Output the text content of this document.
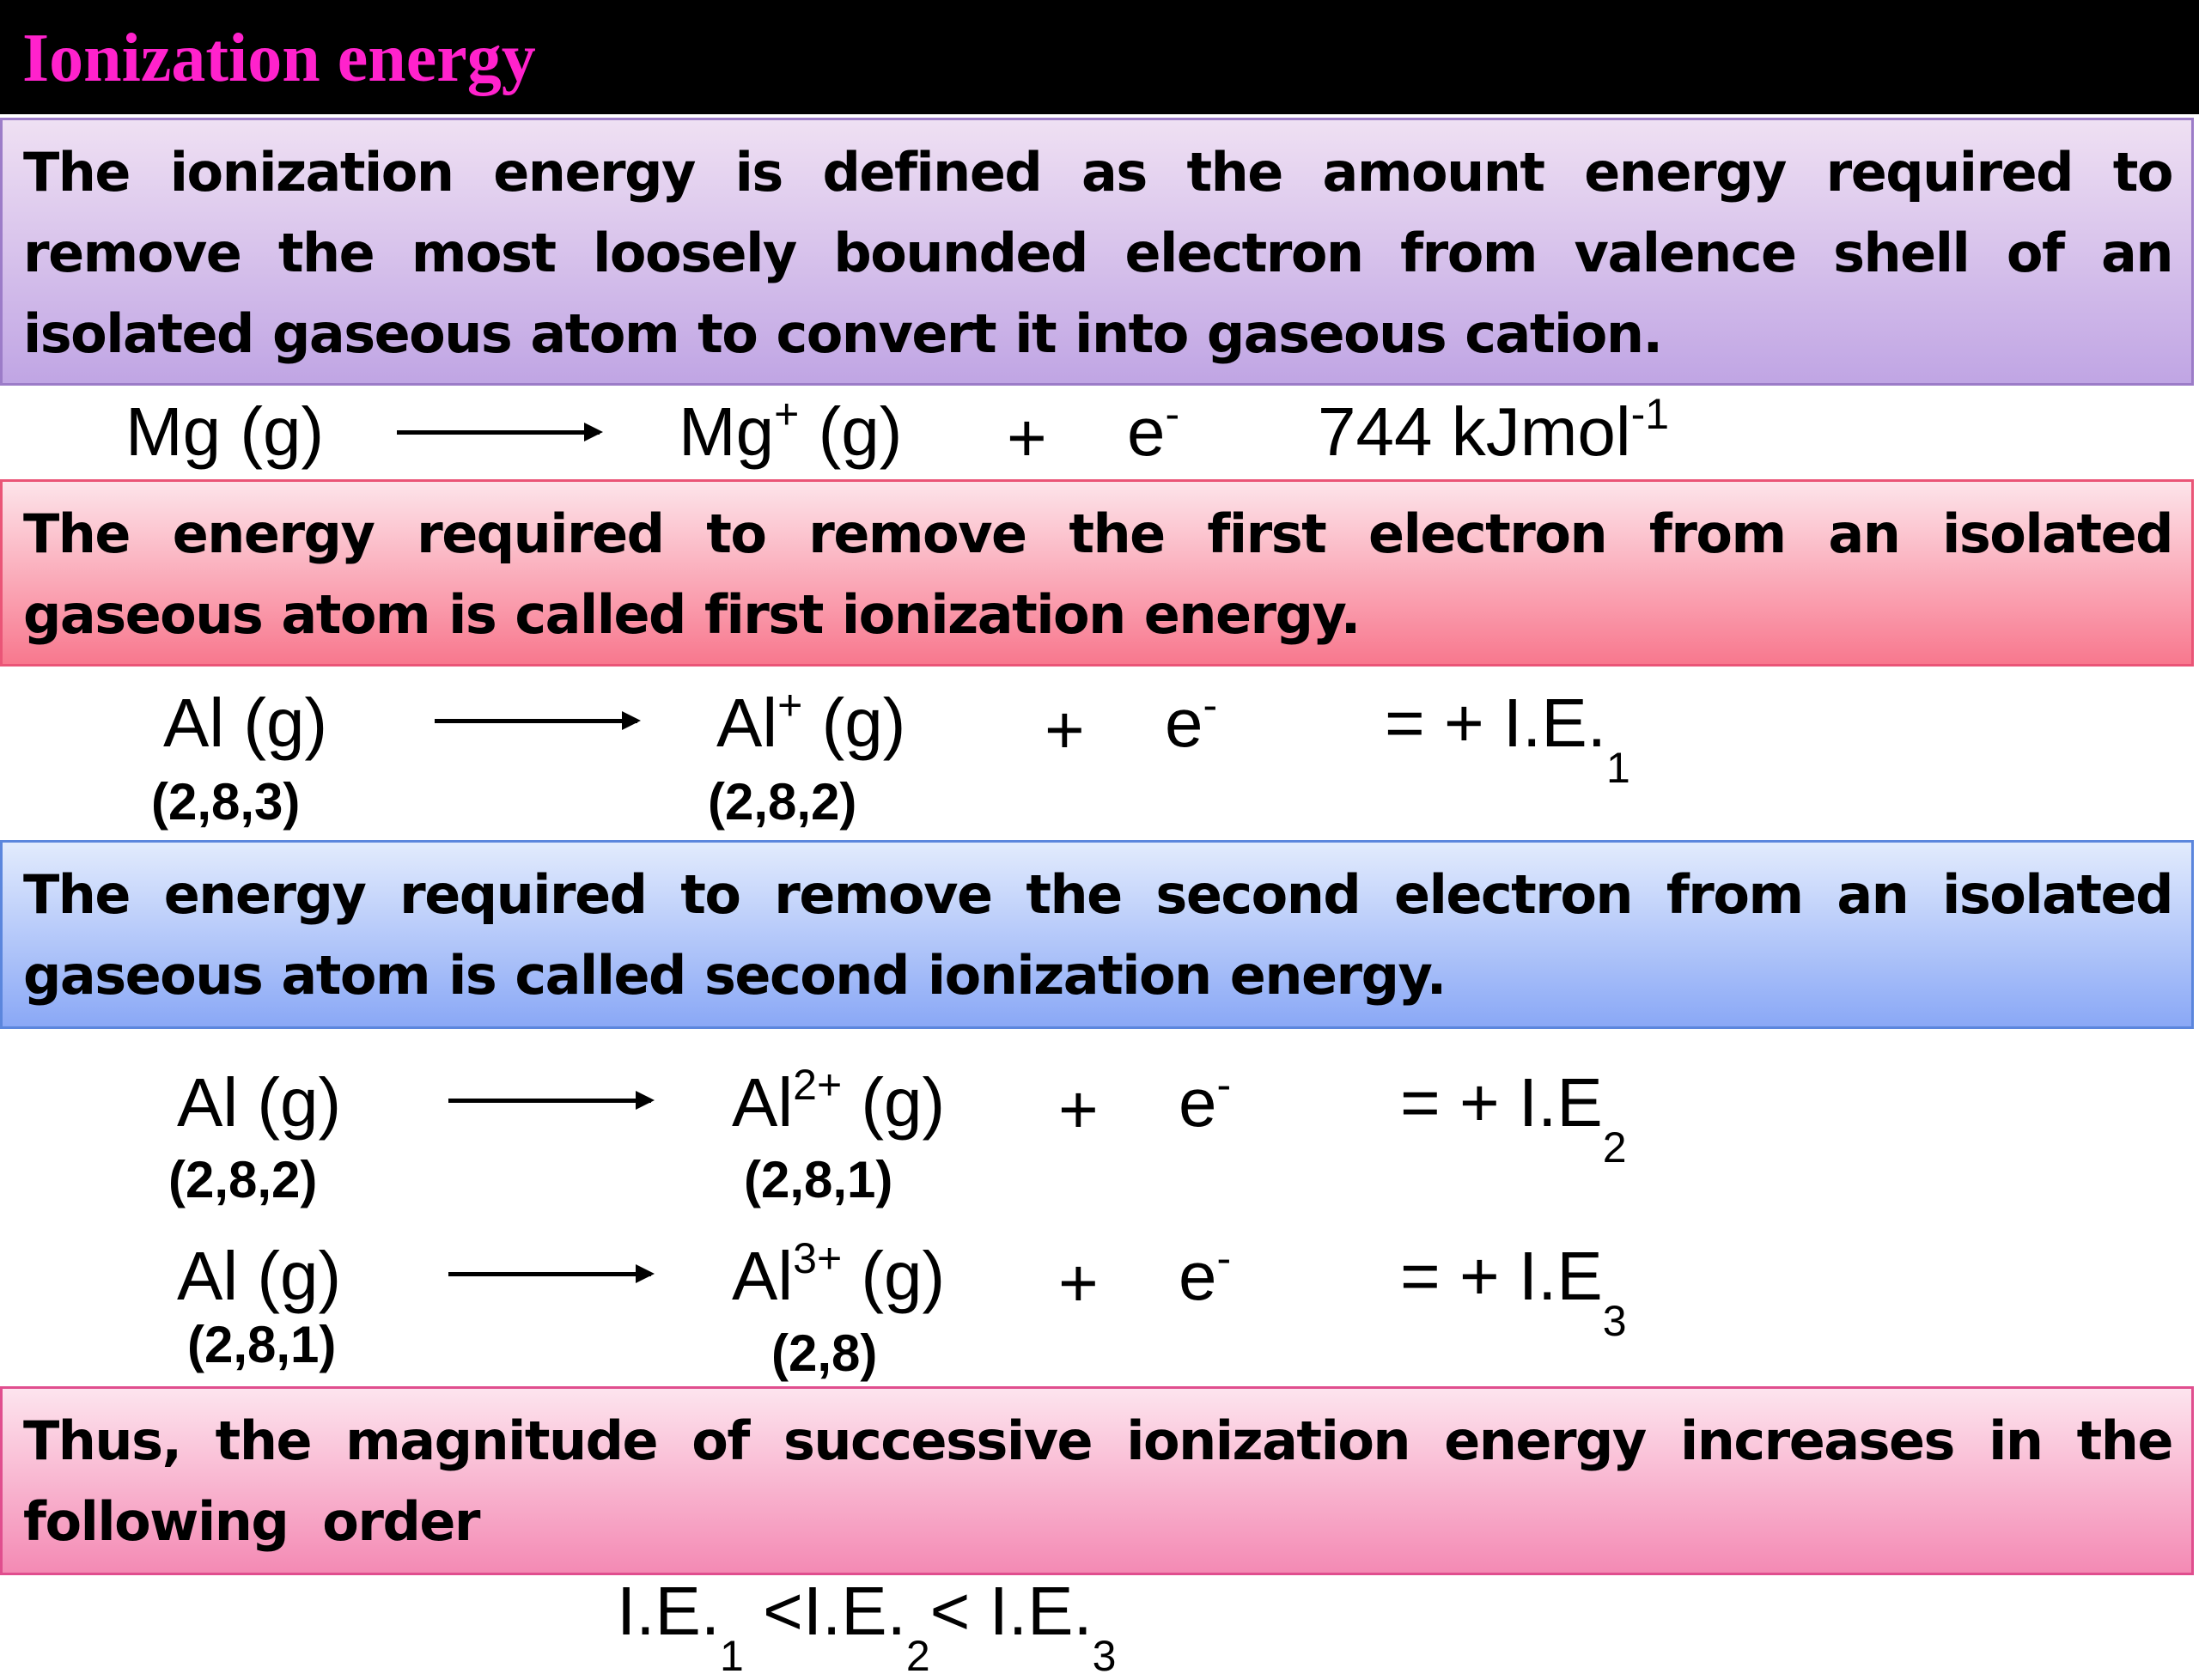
Ionization energy
The ionization energy is defined as the amount energy required to remove the most loosely bounded electron from valence shell of an isolated gaseous atom to convert it into gaseous cation.
Mg (g)	Mg+ (g) + e- 744 kJmol$^{-1}$
The energy required to remove the first electron from an isolated gaseous atom is called first ionization energy.
Al (g)
(2,8,3)
Al+ (g)
(2,8,2)
+ e- = + $I.E._1$
The energy required to remove the second electron from an isolated gaseous atom is called second ionization energy.
Al (g)
(2,8,2)
$Al^{2+}$ (g)
(2,8,1)
+ e- = + $I.E_2$
Al (g)
(2,8,1)
$Al^{3+}$ (g)
(2,8)
+ e- = + $I.E_3$
Thus, the magnitude of successive ionization energy increases in the following order
$I.E._1 <I.E._2< I.E._3$
